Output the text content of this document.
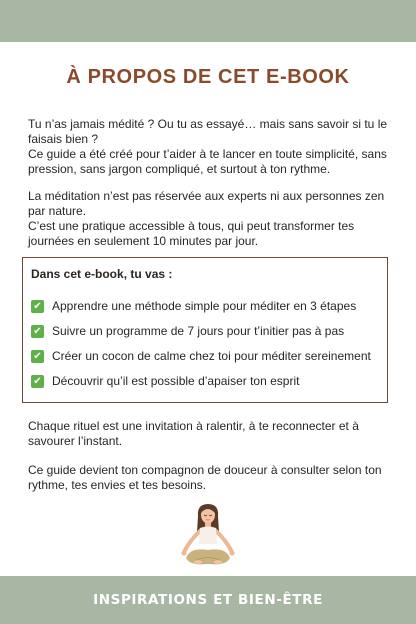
À PROPOS DE CET E-BOOK

Tu n’as jamais médité ? Ou tu as essayé… mais sans savoir si tu le faisais bien ?

Ce guide a été créé pour t’aider à te lancer en toute simplicité, sans pression, sans jargon compliqué, et surtout à ton rythme.

La méditation n’est pas réservée aux experts ni aux personnes zen par nature.

C’est une pratique accessible à tous, qui peut transformer tes journées en seulement 10 minutes par jour.

Dans cet e-book, tu vas :
✔ Apprendre une méthode simple pour méditer en 3 étapes
✔ Suivre un programme de 7 jours pour t’initier pas à pas
✔ Créer un cocon de calme chez toi pour méditer sereinement
✔ Découvrir qu’il est possible d’apaiser ton esprit

Chaque rituel est une invitation à ralentir, à te reconnecter et à savourer l’instant.

Ce guide devient ton compagnon de douceur à consulter selon ton rythme, tes envies et tes besoins.

INSPIRATIONS ET BIEN-ÊTRE
